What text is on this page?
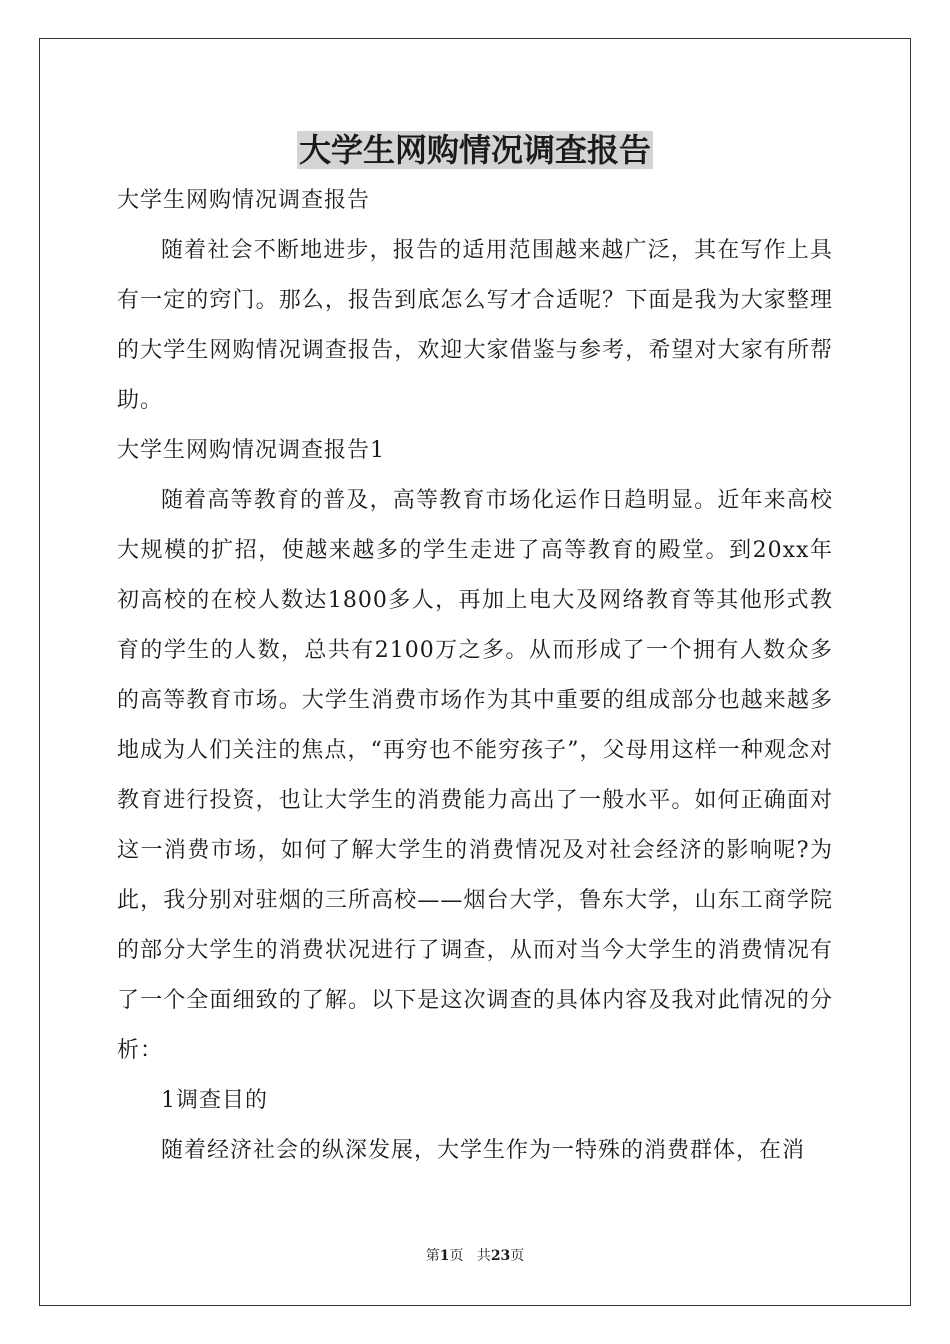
大学生网购情况调查报告

大学生网购情况调查报告

随着社会不断地进步，报告的适用范围越来越广泛，其在写作上具有一定的窍门。那么，报告到底怎么写才合适呢？下面是我为大家整理的大学生网购情况调查报告，欢迎大家借鉴与参考，希望对大家有所帮助。

大学生网购情况调查报告1

随着高等教育的普及，高等教育市场化运作日趋明显。近年来高校大规模的扩招，使越来越多的学生走进了高等教育的殿堂。到20xx年初高校的在校人数达1800多人，再加上电大及网络教育等其他形式教育的学生的人数，总共有2100万之多。从而形成了一个拥有人数众多的高等教育市场。大学生消费市场作为其中重要的组成部分也越来越多地成为人们关注的焦点，“再穷也不能穷孩子”，父母用这样一种观念对教育进行投资，也让大学生的消费能力高出了一般水平。如何正确面对这一消费市场，如何了解大学生的消费情况及对社会经济的影响呢?为此，我分别对驻烟的三所高校——烟台大学，鲁东大学，山东工商学院的部分大学生的消费状况进行了调查，从而对当今大学生的消费情况有了一个全面细致的了解。以下是这次调查的具体内容及我对此情况的分析：

1调查目的

随着经济社会的纵深发展，大学生作为一特殊的消费群体，在消

第1页 共23页
